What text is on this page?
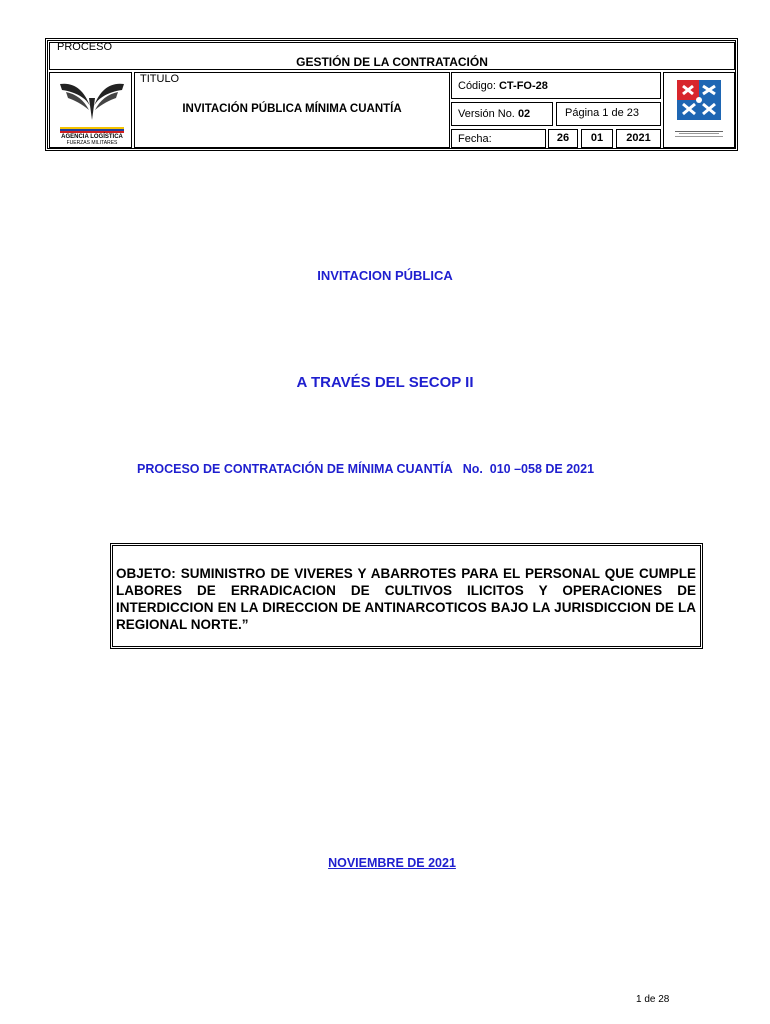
PROCESO
GESTIÓN DE LA CONTRATACIÓN
AGENCIA LOGÍSTICA
FUERZAS MILITARES
TITULO
INVITACIÓN PÚBLICA MÍNIMA CUANTÍA
Código: CT-FO-28
Versión No. 02	Página 1 de 23
Fecha:	26	01	2021
INVITACION PÚBLICA
A TRAVÉS DEL SECOP II
PROCESO DE CONTRATACIÓN DE MÍNIMA CUANTÍA   No.  010 –058 DE 2021
OBJETO: SUMINISTRO DE VIVERES Y ABARROTES PARA EL PERSONAL QUE CUMPLE LABORES DE ERRADICACION DE CULTIVOS ILICITOS Y OPERACIONES DE INTERDICCION EN LA DIRECCION DE ANTINARCOTICOS BAJO LA JURISDICCION DE LA REGIONAL NORTE.”
NOVIEMBRE DE 2021
1 de 28
